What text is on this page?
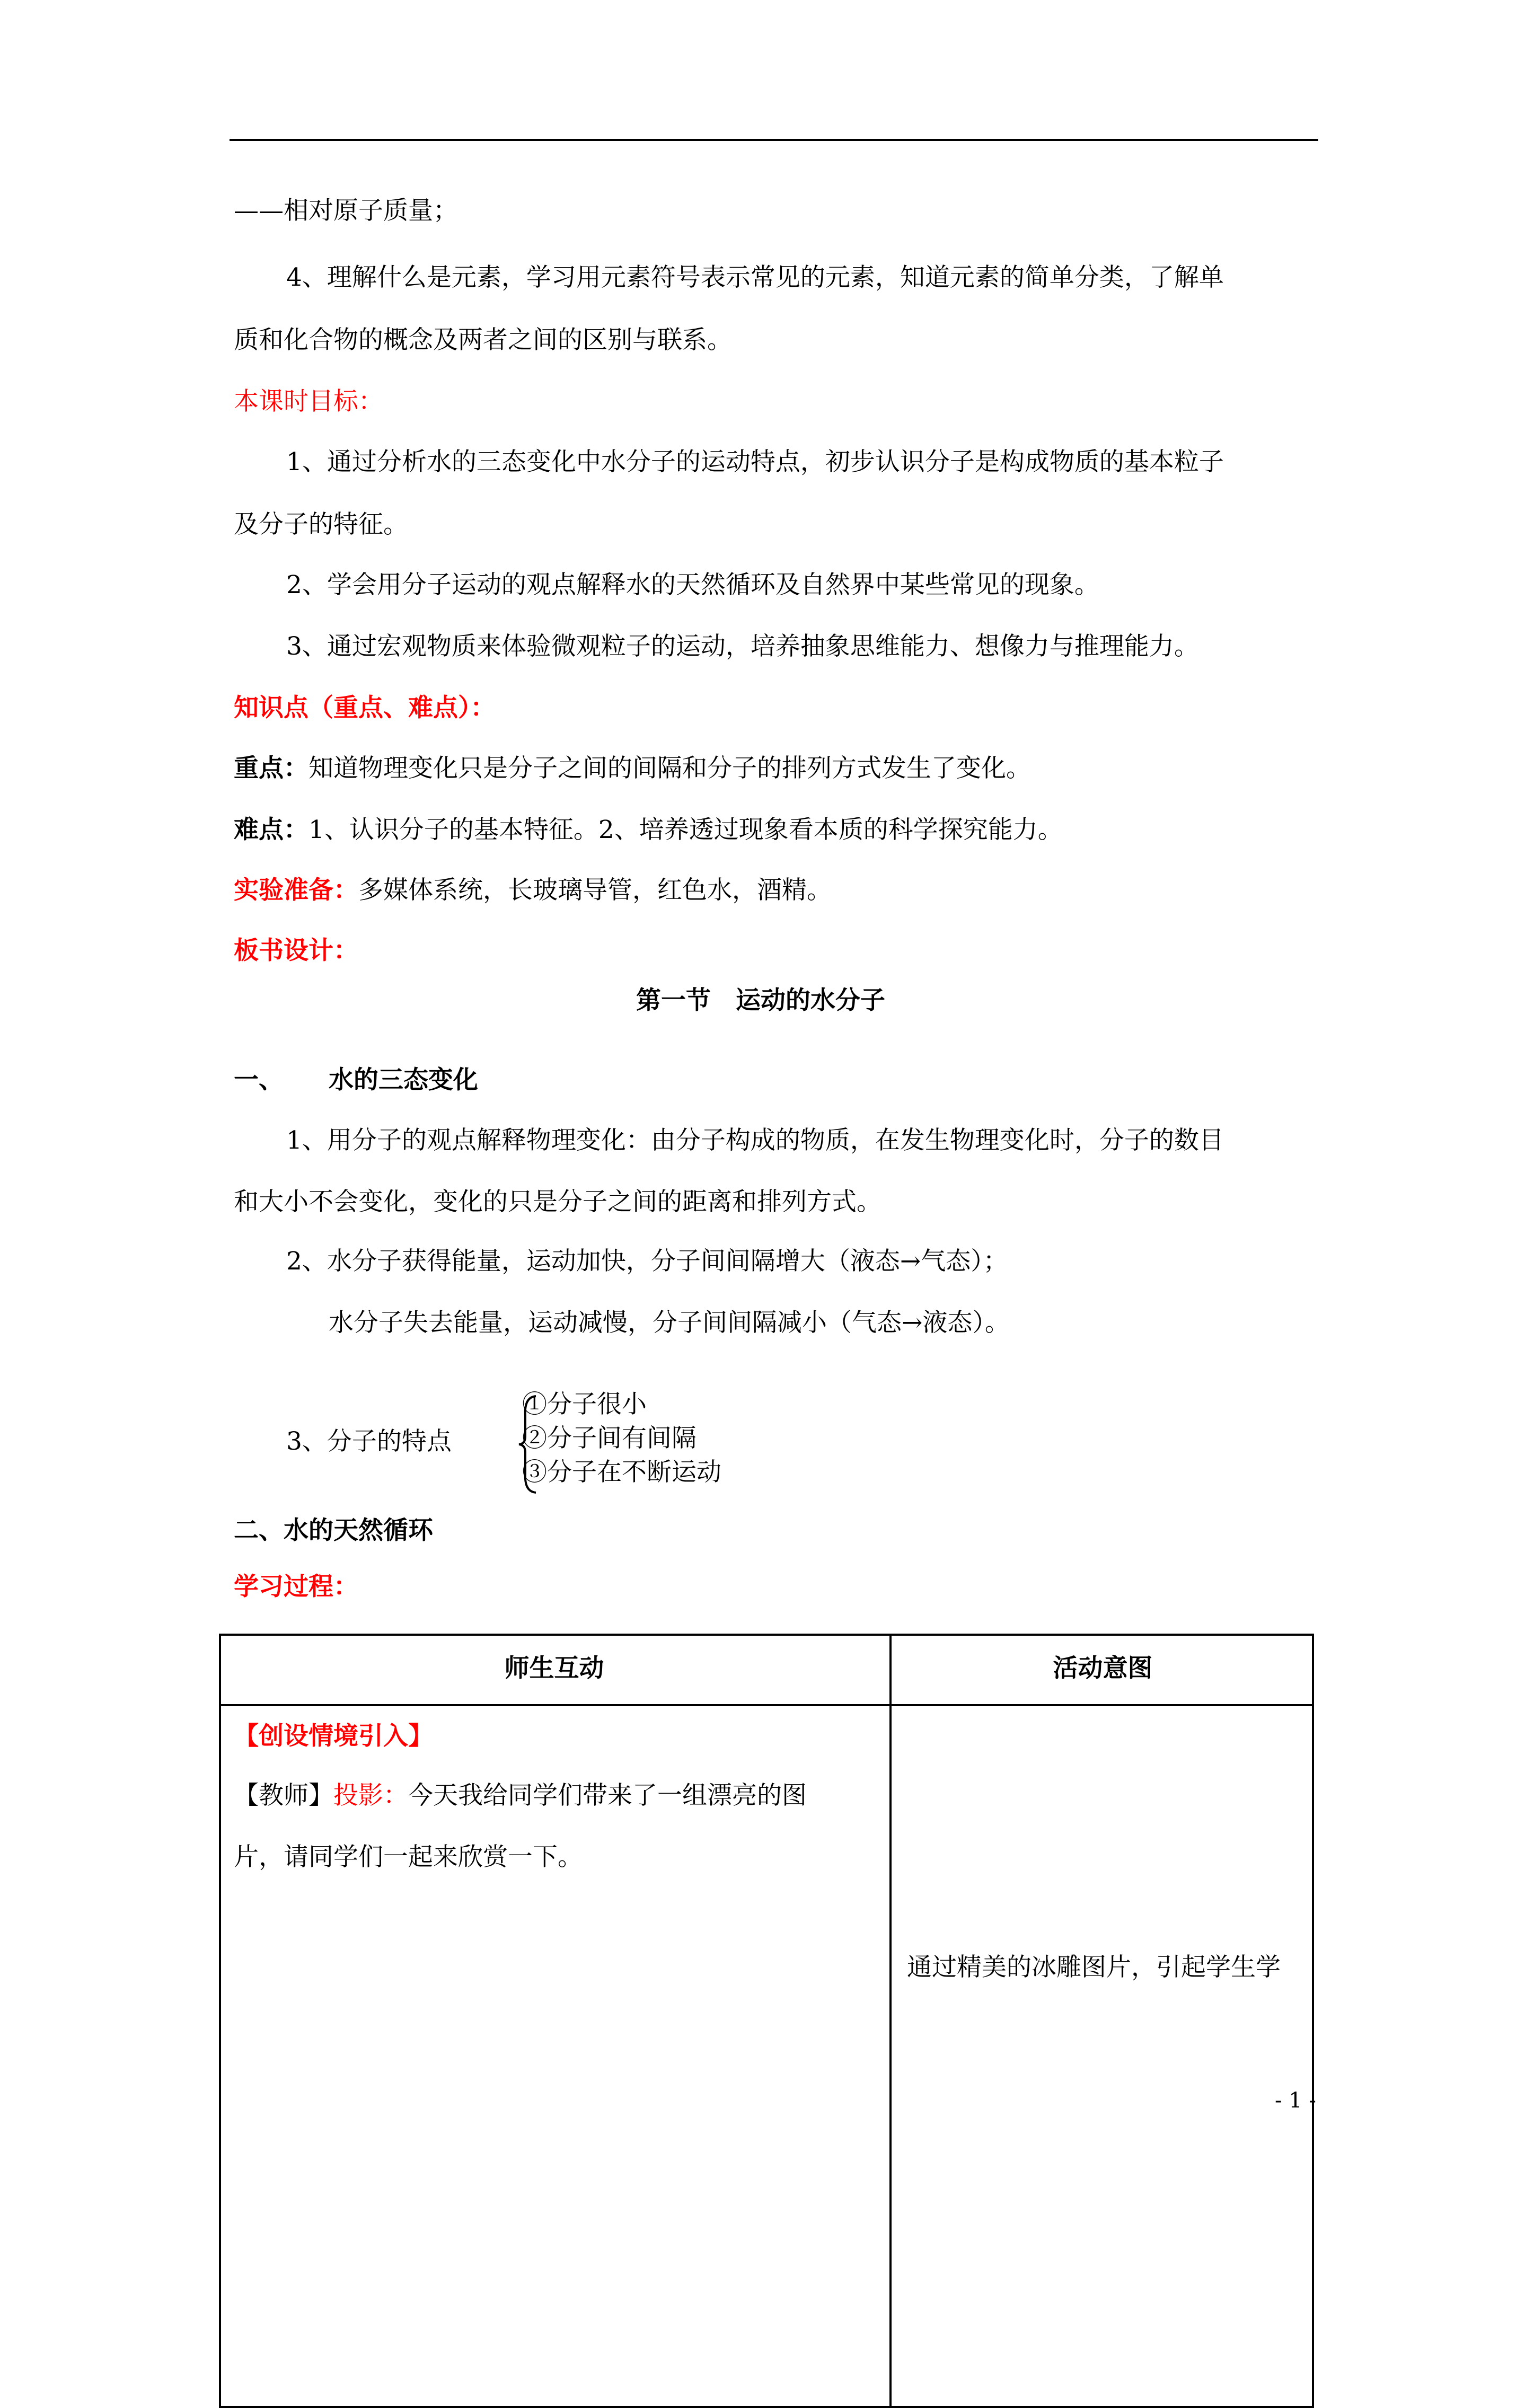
——相对原子质量；
4、理解什么是元素，学习用元素符号表示常见的元素，知道元素的简单分类，了解单
质和化合物的概念及两者之间的区别与联系。
本课时目标：
1、通过分析水的三态变化中水分子的运动特点，初步认识分子是构成物质的基本粒子
及分子的特征。
2、学会用分子运动的观点解释水的天然循环及自然界中某些常见的现象。
3、通过宏观物质来体验微观粒子的运动，培养抽象思维能力、想像力与推理能力。
知识点（重点、难点）：
重点：知道物理变化只是分子之间的间隔和分子的排列方式发生了变化。
难点：1、认识分子的基本特征。2、培养透过现象看本质的科学探究能力。
实验准备：多媒体系统，长玻璃导管，红色水，酒精。
板书设计：
第一节　运动的水分子
一、 水的三态变化
1、用分子的观点解释物理变化：由分子构成的物质，在发生物理变化时，分子的数目
和大小不会变化，变化的只是分子之间的距离和排列方式。
2、水分子获得能量，运动加快，分子间间隔增大（液态→气态）；
水分子失去能量，运动减慢，分子间间隔减小（气态→液态）。
3、分子的特点
①分子很小
②分子间有间隔
③分子在不断运动
二、水的天然循环
学习过程：
师生互动	活动意图
【创设情境引入】
【教师】投影：今天我给同学们带来了一组漂亮的图
片，请同学们一起来欣赏一下。
通过精美的冰雕图片，引起学生学
- 1 -
